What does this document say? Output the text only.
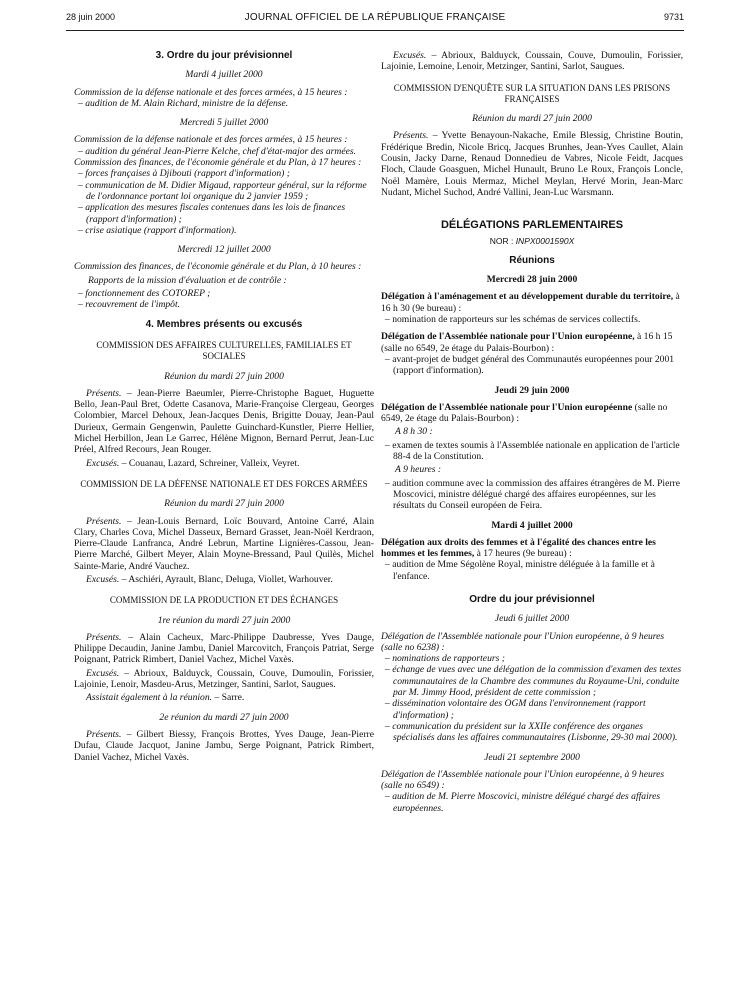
28 juin 2000	JOURNAL OFFICIEL DE LA RÉPUBLIQUE FRANÇAISE	9731
3. Ordre du jour prévisionnel
Mardi 4 juillet 2000

Commission de la défense nationale et des forces armées, à 15 heures :

– audition de M. Alain Richard, ministre de la défense.
Mercredi 5 juillet 2000

Commission de la défense nationale et des forces armées, à 15 heures :

– audition du général Jean-Pierre Kelche, chef d'état-major des armées.

Commission des finances, de l'économie générale et du Plan, à 17 heures :

– forces françaises à Djibouti (rapport d'information) ;
– communication de M. Didier Migaud, rapporteur général, sur la réforme de l'ordonnance portant loi organique du 2 janvier 1959 ;
– application des mesures fiscales contenues dans les lois de finances (rapport d'information) ;
– crise asiatique (rapport d'information).
Mercredi 12 juillet 2000

Commission des finances, de l'économie générale et du Plan, à 10 heures :

Rapports de la mission d'évaluation et de contrôle :

– fonctionnement des COTOREP ;
– recouvrement de l'impôt.
4. Membres présents ou excusés
COMMISSION DES AFFAIRES CULTURELLES, FAMILIALES ET SOCIALES
Réunion du mardi 27 juin 2000

Présents. – Jean-Pierre Baeumler, Pierre-Christophe Baguet, Huguette Bello, Jean-Paul Bret, Odette Casanova, Marie-Françoise Clergeau, Georges Colombier, Marcel Dehoux, Jean-Jacques Denis, Brigitte Douay, Jean-Paul Durieux, Germain Gengenwin, Paulette Guinchard-Kunstler, Pierre Hellier, Michel Herbillon, Jean Le Garrec, Hélène Mignon, Bernard Perrut, Jean-Luc Préel, Alfred Recours, Jean Rouger.

Excusés. – Couanau, Lazard, Schreiner, Valleix, Veyret.

COMMISSION DE LA DÉFENSE NATIONALE ET DES FORCES ARMÉES
Réunion du mardi 27 juin 2000

Présents. – Jean-Louis Bernard, Loïc Bouvard, Antoine Carré, Alain Clary, Charles Cova, Michel Dasseux, Bernard Grasset, Jean-Noël Kerdraon, Pierre-Claude Lanfranca, André Lebrun, Martine Lignières-Cassou, Jean-Pierre Marché, Gilbert Meyer, Alain Moyne-Bressand, Paul Quilès, Michel Sainte-Marie, André Vauchez.

Excusés. – Aschiéri, Ayrault, Blanc, Deluga, Viollet, Warhouver.

COMMISSION DE LA PRODUCTION ET DES ÉCHANGES
1re réunion du mardi 27 juin 2000

Présents. – Alain Cacheux, Marc-Philippe Daubresse, Yves Dauge, Philippe Decaudin, Janine Jambu, Daniel Marcovitch, François Patriat, Serge Poignant, Patrick Rimbert, Daniel Vachez, Michel Vaxès.

Excusés. – Abrioux, Balduyck, Coussain, Couve, Dumoulin, Forissier, Lajoinie, Lenoir, Masdeu-Arus, Metzinger, Santini, Sarlot, Saugues.

Assistait également à la réunion. – Sarre.

2e réunion du mardi 27 juin 2000

Présents. – Gilbert Biessy, François Brottes, Yves Dauge, Jean-Pierre Dufau, Claude Jacquot, Janine Jambu, Serge Poignant, Patrick Rimbert, Daniel Vachez, Michel Vaxès.

Excusés. – Abrioux, Balduyck, Coussain, Couve, Dumoulin, Forissier, Lajoinie, Lemoine, Lenoir, Metzinger, Santini, Sarlot, Saugues.

COMMISSION D'ENQUÊTE SUR LA SITUATION DANS LES PRISONS FRANÇAISES
Réunion du mardi 27 juin 2000

Présents. – Yvette Benayoun-Nakache, Emile Blessig, Christine Boutin, Frédérique Bredin, Nicole Bricq, Jacques Brunhes, Jean-Yves Caullet, Alain Cousin, Jacky Darne, Renaud Donnedieu de Vabres, Nicole Feidt, Jacques Floch, Claude Goasguen, Michel Hunault, Bruno Le Roux, François Loncle, Noël Mamère, Louis Mermaz, Michel Meylan, Hervé Morin, Jean-Marc Nudant, Michel Suchod, André Vallini, Jean-Luc Warsmann.

DÉLÉGATIONS PARLEMENTAIRES
NOR : INPX0001590X
Réunions
Mercredi 28 juin 2000

Délégation à l'aménagement et au développement durable du territoire, à 16 h 30 (9e bureau) :

– nomination de rapporteurs sur les schémas de services collectifs.

Délégation de l'Assemblée nationale pour l'Union européenne, à 16 h 15 (salle no 6549, 2e étage du Palais-Bourbon) :

– avant-projet de budget général des Communautés européennes pour 2001 (rapport d'information).
Jeudi 29 juin 2000

Délégation de l'Assemblée nationale pour l'Union européenne (salle no 6549, 2e étage du Palais-Bourbon) :

A 8 h 30 :

– examen de textes soumis à l'Assemblée nationale en application de l'article 88-4 de la Constitution.

A 9 heures :

– audition commune avec la commission des affaires étrangères de M. Pierre Moscovici, ministre délégué chargé des affaires européennes, sur les résultats du Conseil européen de Feira.
Mardi 4 juillet 2000

Délégation aux droits des femmes et à l'égalité des chances entre les hommes et les femmes, à 17 heures (9e bureau) :

– audition de Mme Ségolène Royal, ministre déléguée à la famille et à l'enfance.
Ordre du jour prévisionnel
Jeudi 6 juillet 2000

Délégation de l'Assemblée nationale pour l'Union européenne, à 9 heures (salle no 6238) :

– nominations de rapporteurs ;
– échange de vues avec une délégation de la commission d'examen des textes communautaires de la Chambre des communes du Royaume-Uni, conduite par M. Jimmy Hood, président de cette commission ;
– dissémination volontaire des OGM dans l'environnement (rapport d'information) ;
– communication du président sur la XXIIe conférence des organes spécialisés dans les affaires communautaires (Lisbonne, 29-30 mai 2000).
Jeudi 21 septembre 2000

Délégation de l'Assemblée nationale pour l'Union européenne, à 9 heures (salle no 6549) :

– audition de M. Pierre Moscovici, ministre délégué chargé des affaires européennes.
